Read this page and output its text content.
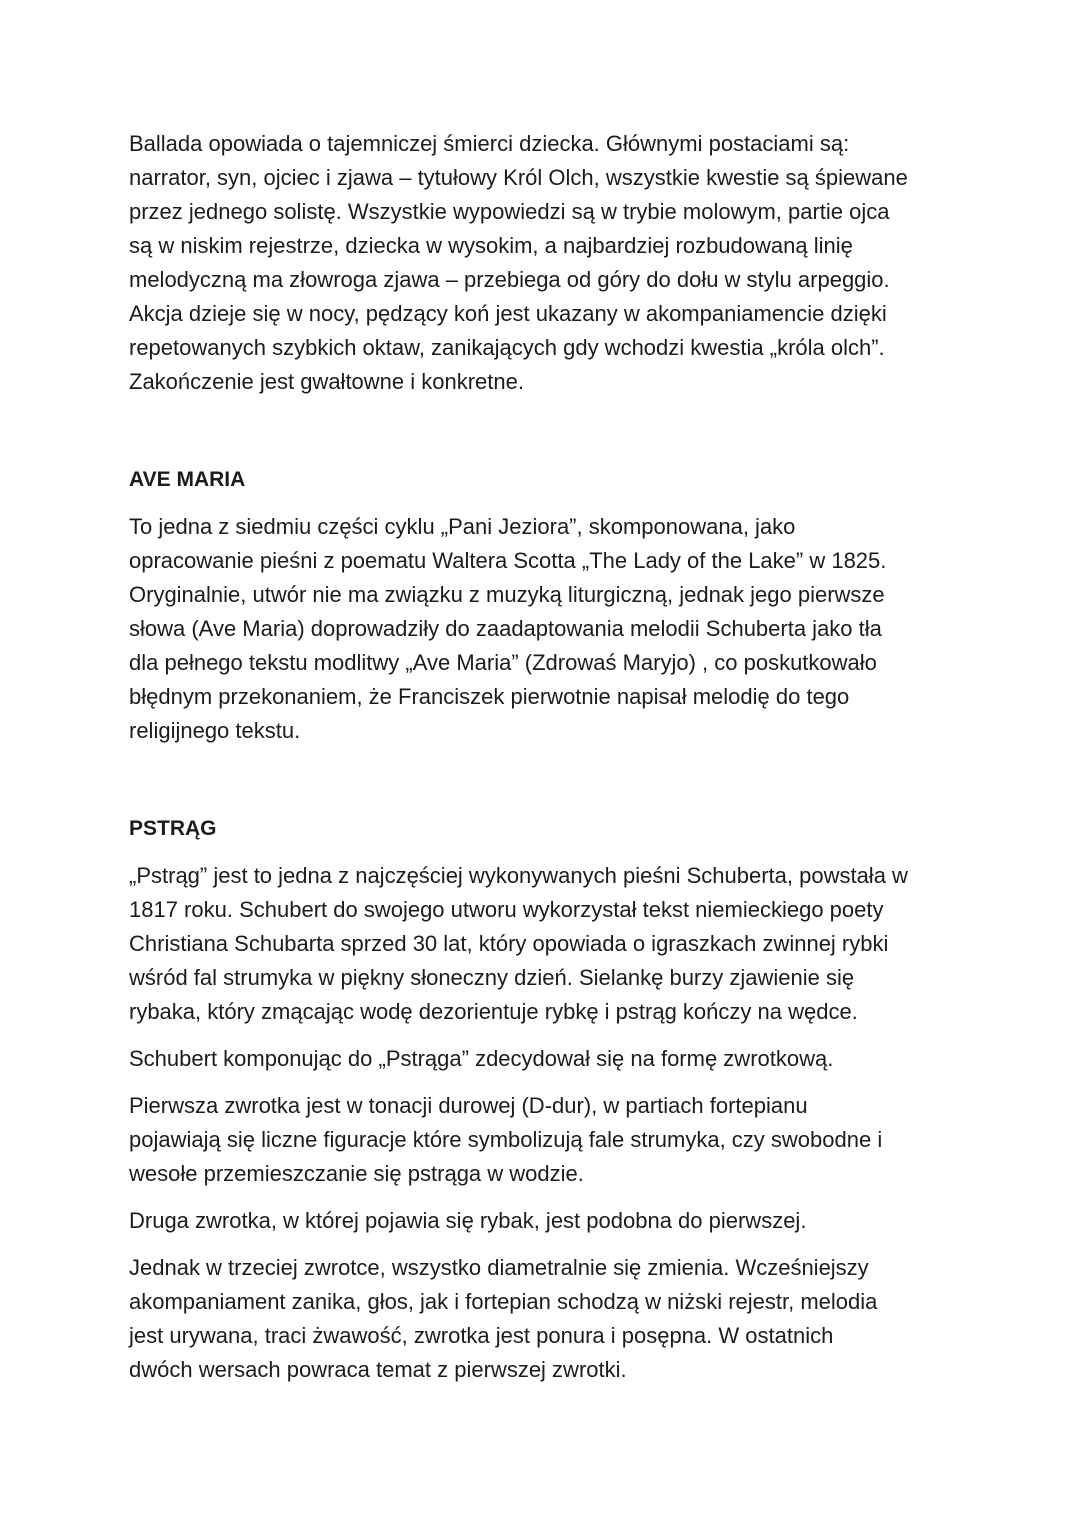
Ballada opowiada o tajemniczej śmierci dziecka. Głównymi postaciami są:
narrator, syn, ojciec i zjawa – tytułowy Król Olch, wszystkie kwestie są śpiewane
przez jednego solistę. Wszystkie wypowiedzi są w trybie molowym, partie ojca
są w niskim rejestrze, dziecka w wysokim, a najbardziej rozbudowaną linię
melodyczną ma złowroga zjawa – przebiega od góry do dołu w stylu arpeggio.
Akcja dzieje się w nocy, pędzący koń jest ukazany w akompaniamencie dzięki
repetowanych szybkich oktaw, zanikających gdy wchodzi kwestia „króla olch”.
Zakończenie jest gwałtowne i konkretne.

AVE MARIA

To jedna z siedmiu części cyklu „Pani Jeziora”, skomponowana, jako
opracowanie pieśni z poematu Waltera Scotta „The Lady of the Lake” w 1825.
Oryginalnie, utwór nie ma związku z muzyką liturgiczną, jednak jego pierwsze
słowa (Ave Maria) doprowadziły do zaadaptowania melodii Schuberta jako tła
dla pełnego tekstu modlitwy „Ave Maria” (Zdrowaś Maryjo) , co poskutkowało
błędnym przekonaniem, że Franciszek pierwotnie napisał melodię do tego
religijnego tekstu.

PSTRĄG

„Pstrąg” jest to jedna z najczęściej wykonywanych pieśni Schuberta, powstała w
1817 roku. Schubert do swojego utworu wykorzystał tekst niemieckiego poety
Christiana Schubarta sprzed 30 lat, który opowiada o igraszkach zwinnej rybki
wśród fal strumyka w piękny słoneczny dzień. Sielankę burzy zjawienie się
rybaka, który zmącając wodę dezorientuje rybkę i pstrąg kończy na wędce.

Schubert komponując do „Pstrąga” zdecydował się na formę zwrotkową.

Pierwsza zwrotka jest w tonacji durowej (D-dur), w partiach fortepianu
pojawiają się liczne figuracje które symbolizują fale strumyka, czy swobodne i
wesołe przemieszczanie się pstrąga w wodzie.

Druga zwrotka, w której pojawia się rybak, jest podobna do pierwszej.

Jednak w trzeciej zwrotce, wszystko diametralnie się zmienia. Wcześniejszy
akompaniament zanika, głos, jak i fortepian schodzą w niżski rejestr, melodia
jest urywana, traci żwawość, zwrotka jest ponura i posępna. W ostatnich
dwóch wersach powraca temat z pierwszej zwrotki.
